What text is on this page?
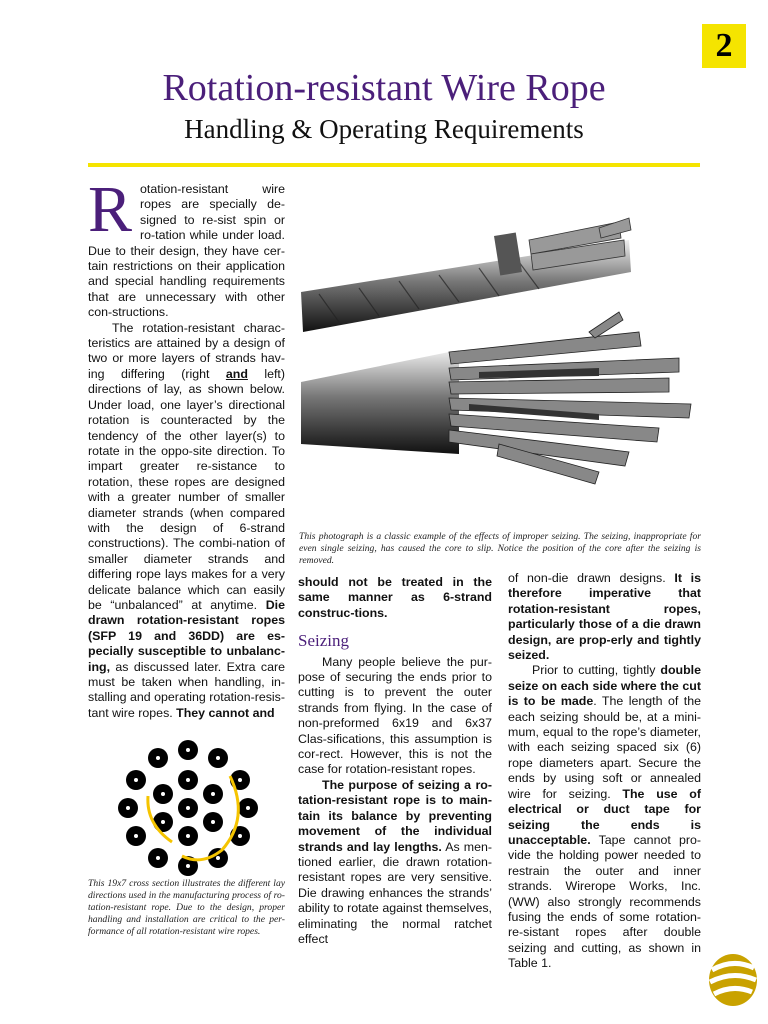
2
Rotation-resistant Wire Rope
Handling & Operating Requirements

Rotation-resistant wire ropes are specially de-signed to re-sist spin or ro-tation while under load. Due to their design, they have cer-tain restrictions on their application and special handling requirements that are unnecessary with other con-structions.

The rotation-resistant charac-teristics are attained by a design of two or more layers of strands hav-ing differing (right and left) directions of lay, as shown below. Under load, one layer’s directional rotation is counteracted by the tendency of the other layer(s) to rotate in the oppo-site direction. To impart greater re-sistance to rotation, these ropes are designed with a greater number of smaller diameter strands (when compared with the design of 6-strand constructions). The combi-nation of smaller diameter strands and differing rope lays makes for a very delicate balance which can easily be “unbalanced” at anytime. Die drawn rotation-resistant ropes (SFP 19 and 36DD) are es-pecially susceptible to unbalanc-ing, as discussed later. Extra care must be taken when handling, in-stalling and operating rotation-resis-tant wire ropes. They cannot and

This photograph is a classic example of the effects of improper seizing. The seizing, inappropriate for even single seizing, has caused the core to slip. Notice the position of the core after the seizing is removed.
This 19x7 cross section illustrates the different lay directions used in the manufacturing process of ro-tation-resistant rope. Due to the design, proper handling and installation are critical to the per-formance of all rotation-resistant wire ropes.

should not be treated in the same manner as 6-strand construc-tions.

Seizing

Many people believe the pur-pose of securing the ends prior to cutting is to prevent the outer strands from flying. In the case of non-preformed 6x19 and 6x37 Clas-sifications, this assumption is cor-rect. However, this is not the case for rotation-resistant ropes.

The purpose of seizing a ro-tation-resistant rope is to main-tain its balance by preventing movement of the individual strands and lay lengths. As men-tioned earlier, die drawn rotation-resistant ropes are very sensitive. Die drawing enhances the strands’ ability to rotate against themselves, eliminating the normal ratchet effect

of non-die drawn designs. It is therefore imperative that rotation-resistant ropes, particularly those of a die drawn design, are prop-erly and tightly seized.

Prior to cutting, tightly double seize on each side where the cut is to be made. The length of the each seizing should be, at a mini-mum, equal to the rope’s diameter, with each seizing spaced six (6) rope diameters apart. Secure the ends by using soft or annealed wire for seizing. The use of electrical or duct tape for seizing the ends is unacceptable. Tape cannot pro-vide the holding power needed to restrain the outer and inner strands. Wirerope Works, Inc. (WW) also strongly recommends fusing the ends of some rotation-re-sistant ropes after double seizing and cutting, as shown in Table 1.
